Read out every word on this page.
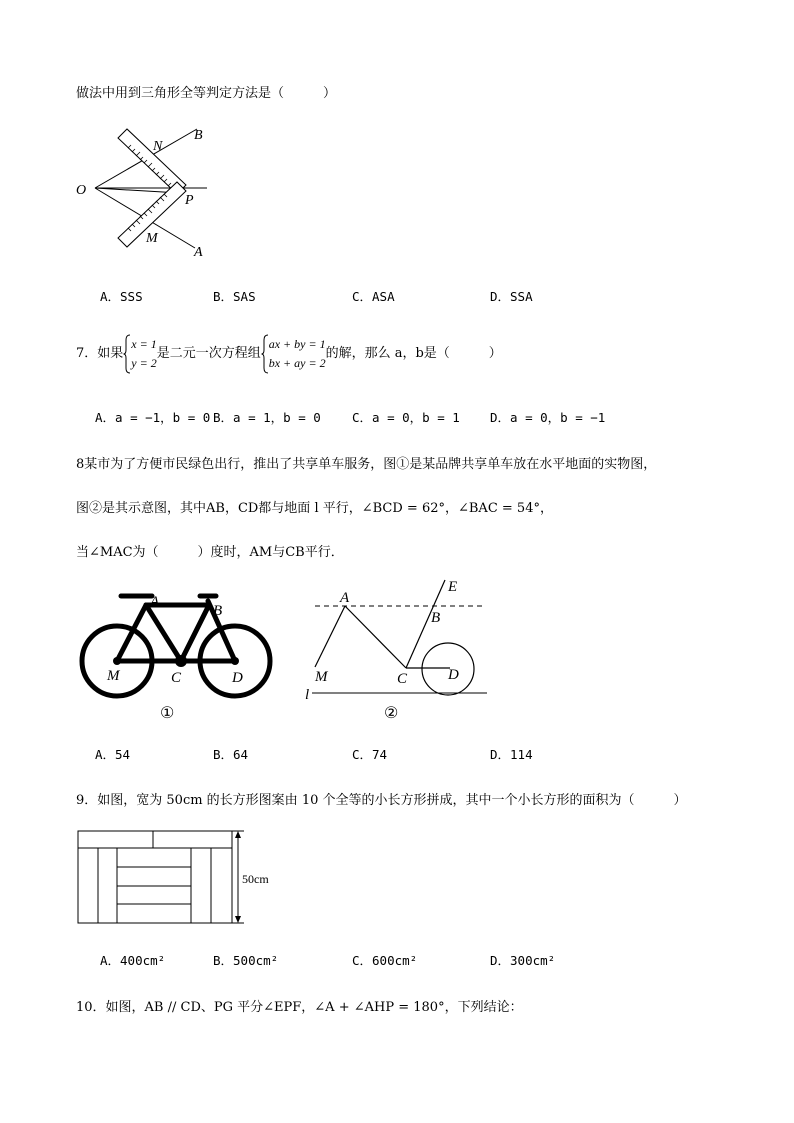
做法中用到三角形全等判定方法是（　　　）
O
N
B
P
M
A
A．SSS	B．SAS	C．ASA	D．SSA
7．如果
x = 1
y = 2
是二元一次方程组
ax + by = 1
bx + ay = 2
的解，那么 a，b是（　　　）
A．a = −1，b = 0 B．a = 1，b = 0 C．a = 0，b = 1 D．a = 0，b = −1
8某市为了方便市民绿色出行，推出了共享单车服务，图①是某品牌共享单车放在水平地面的实物图，
图②是其示意图，其中AB，CD都与地面 l 平行，∠BCD = 62°，∠BAC = 54°，
当∠MAC为（　　　）度时，AM与CB平行．
A
B
M	C	D
①
A
E
B
M	C	D
l
②
A．54	B．64	C．74	D．114
9．如图，宽为 50cm 的长方形图案由 10 个全等的小长方形拼成，其中一个小长方形的面积为（　　　）
50cm
A．400cm²	B．500cm²	C．600cm²	D．300cm²
10．如图，AB // CD、PG 平分∠EPF，∠A + ∠AHP = 180°，下列结论：
